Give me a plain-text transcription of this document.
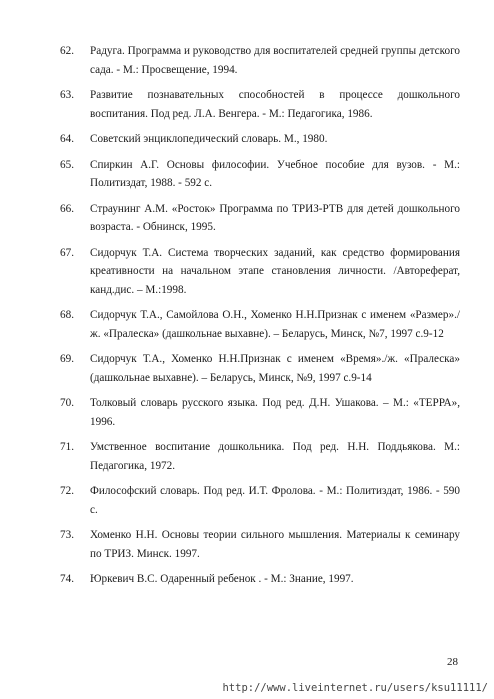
62.	Радуга. Программа и руководство для воспитателей средней группы детского сада. - М.: Просвещение, 1994.
63.	Развитие познавательных способностей в процессе дошкольного воспитания. Под ред. Л.А. Венгера. - М.: Педагогика, 1986.
64.	Советский энциклопедический словарь. М., 1980.
65.	Спиркин А.Г. Основы философии. Учебное пособие для вузов. - М.: Политиздат, 1988. - 592 с.
66.	Страунинг А.М. «Росток» Программа по ТРИЗ-РТВ для детей дошкольного возраста. - Обнинск, 1995.
67.	Сидорчук Т.А. Система творческих заданий, как средство формирования креативности на начальном этапе становления личности. /Автореферат, канд.дис. – М.:1998.
68.	Сидорчук Т.А., Самойлова О.Н., Хоменко Н.Н.Признак с именем «Размер»./ж. «Пралеска» (дашкольнае выхавне). – Беларусь, Минск, №7, 1997 с.9-12
69.	Сидорчук Т.А., Хоменко Н.Н.Признак с именем «Время»./ж. «Пралеска» (дашкольнае выхавне). – Беларусь, Минск, №9, 1997 с.9-14
70.	Толковый словарь русского языка. Под ред. Д.Н. Ушакова. – М.: «ТЕРРА», 1996.
71.	Умственное воспитание дошкольника. Под ред. Н.Н. Поддьякова. М.: Педагогика, 1972.
72.	Философский словарь. Под ред. И.Т. Фролова. - М.: Политиздат, 1986. - 590 с.
73.	Хоменко Н.Н. Основы теории сильного мышления. Материалы к семинару по ТРИЗ. Минск. 1997.
74.	Юркевич В.С. Одаренный ребенок . - М.: Знание, 1997.
28
http://www.liveinternet.ru/users/ksu11111/
